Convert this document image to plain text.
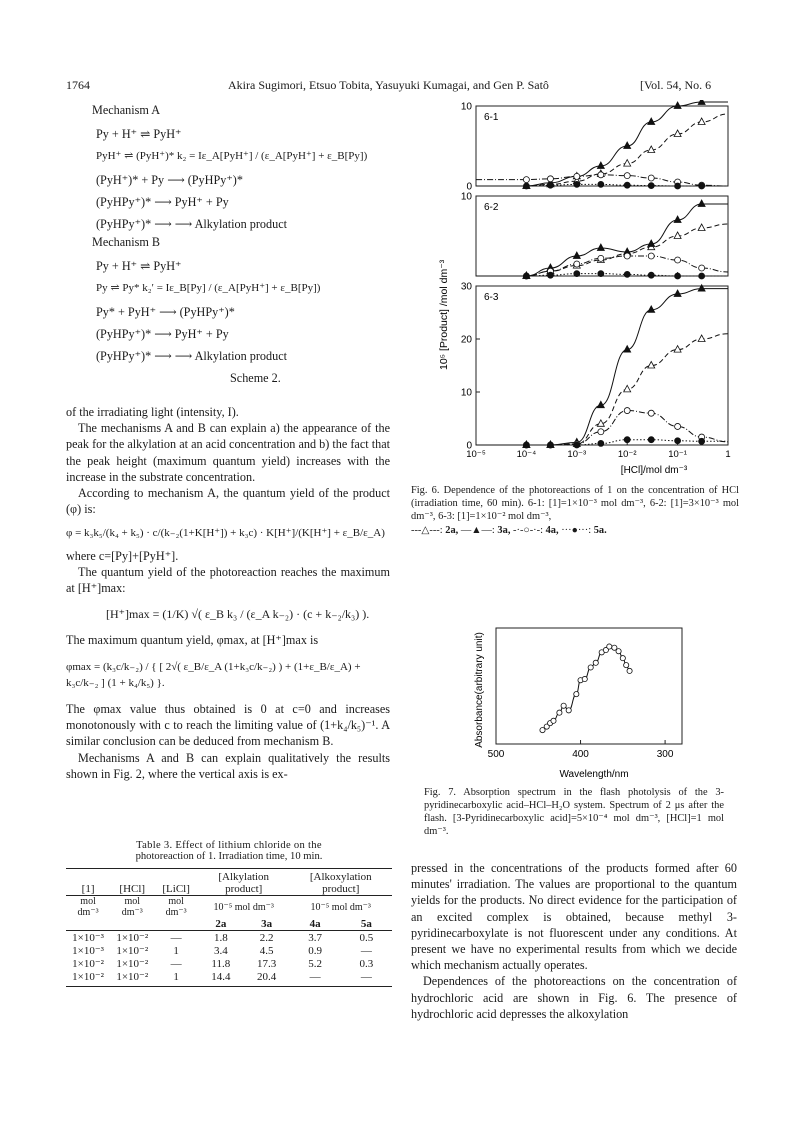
1764	Akira Sugimori, Etsuo Tobita, Yasuyuki Kumagai, and Gen P. Satô	[Vol. 54, No. 6
Mechanism A
Py + H⁺ ⇌ PyH⁺
PyH⁺ ⇌ (PyH⁺)* k₂ = Iε_A[PyH⁺] / (ε_A[PyH⁺] + ε_B[Py])
(PyH⁺)* + Py ⟶ (PyHPy⁺)*
(PyHPy⁺)* ⟶ PyH⁺ + Py
(PyHPy⁺)* ⟶ ⟶ Alkylation product
Mechanism B
Py + H⁺ ⇌ PyH⁺
Py ⇌ Py* k₂′ = Iε_B[Py] / (ε_A[PyH⁺] + ε_B[Py])
Py* + PyH⁺ ⟶ (PyHPy⁺)*
(PyHPy⁺)* ⟶ PyH⁺ + Py
(PyHPy⁺)* ⟶ ⟶ Alkylation product
Scheme 2.
of the irradiating light (intensity, I).
The mechanisms A and B can explain a) the appearance of the peak for the alkylation at an acid concentration and b) the fact that the peak height (maximum quantum yield) increases with the increase in the substrate concentration.
According to mechanism A, the quantum yield of the product (φ) is:
φ = k₃k₅/(k₄ + k₅) · c/(k₋₂(1+K[H⁺]) + k₃c) · K[H⁺]/(K[H⁺] + ε_B/ε_A)
where c=[Py]+[PyH⁺].
The quantum yield of the photoreaction reaches the maximum at [H⁺]max:
[H⁺]max = (1/K) √( ε_B k₃ / (ε_A k₋₂) · (c + k₋₂/k₃) ).
The maximum quantum yield, φmax, at [H⁺]max is
φmax = (k₃c/k₋₂) / { [ 2√( ε_B/ε_A (1+k₃c/k₋₂) ) + (1+ε_B/ε_A) + k₃c/k₋₂ ] (1 + k₄/k₅) }.
The φmax value thus obtained is 0 at c=0 and increases monotonously with c to reach the limiting value of (1+k₄/k₅)⁻¹. A similar conclusion can be deduced from mechanism B.
Mechanisms A and B can explain qualitatively the results shown in Fig. 2, where the vertical axis is ex-
Table 3. Effect of lithium chloride on the
photoreaction of 1. Irradiation time, 10 min.
[1]	[HCl]	[LiCl]	[Alkylation product]		[Alkoxylation product]	
mol dm⁻³	mol dm⁻³	mol dm⁻³	10⁻⁵ mol dm⁻³		10⁻⁵ mol dm⁻³	
			2a	3a	4a	5a
1×10⁻³	1×10⁻²	—	1.8	2.2	3.7	0.5
1×10⁻³	1×10⁻²	1	3.4	4.5	0.9	—
1×10⁻²	1×10⁻²	—	11.8	17.3	5.2	0.3
1×10⁻²	1×10⁻²	1	14.4	20.4	—	—
6-1
0
10
6-2
10
6-3
0
10
20
30
10⁻⁵	10⁻⁴	10⁻³	10⁻²	10⁻¹	1
10⁵ [Product] /mol dm⁻³
[HCl]/mol dm⁻³
Fig. 6. Dependence of the photoreactions of 1 on the concentration of HCl (irradiation time, 60 min). 6-1: [1]=1×10⁻³ mol dm⁻³, 6-2: [1]=3×10⁻³ mol dm⁻³, 6-3: [1]=1×10⁻² mol dm⁻³,
---△---: 2a, —▲—: 3a, -·-○-·-: 4a, ···●···: 5a.
500	400	300
Absorbance(arbitrary unit)
Wavelength/nm
Fig. 7. Absorption spectrum in the flash photolysis of the 3-pyridinecarboxylic acid–HCl–H₂O system. Spectrum of 2 μs after the flash. [3-Pyridinecarboxylic acid]=5×10⁻⁴ mol dm⁻³, [HCl]=1 mol dm⁻³.
pressed in the concentrations of the products formed after 60 minutes' irradiation. The values are proportional to the quantum yields for the products. No direct evidence for the participation of an excited complex is obtained, because methyl 3-pyridinecarboxylate is not fluorescent under any conditions. At present we have no experimental results from which we decide which mechanism actually operates.
Dependences of the photoreactions on the concentration of hydrochloric acid are shown in Fig. 6. The presence of hydrochloric acid depresses the alkoxylation
